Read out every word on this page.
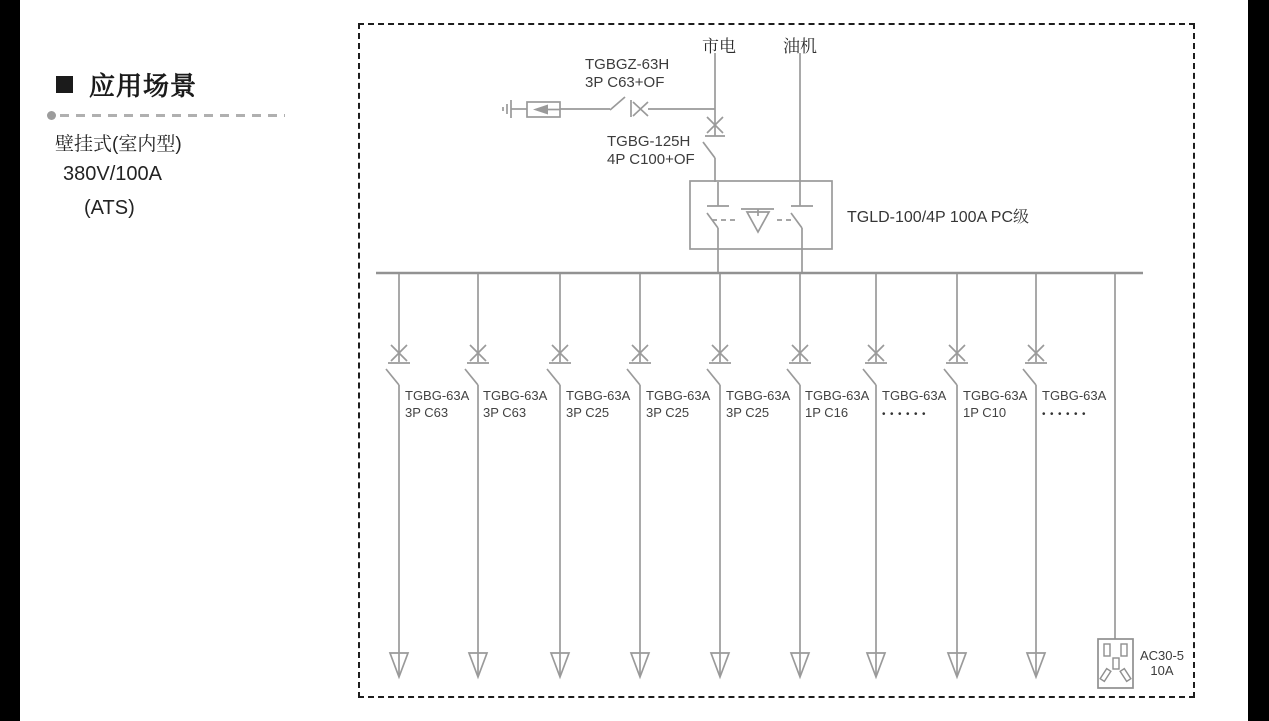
应用场景
壁挂式(室内型)
380V/100A
(ATS)
市电	油机
TGBGZ-63H
3P C63+OF
TGBG-125H
4P C100+OF
TGLD-100/4P 100A PC级
TGBG-63A
3P C63
TGBG-63A
3P C63
TGBG-63A
3P C25
TGBG-63A
3P C25
TGBG-63A
3P C25
TGBG-63A
1P C16
TGBG-63A
••••••
TGBG-63A
1P C10
TGBG-63A
••••••
AC30-5
10A
